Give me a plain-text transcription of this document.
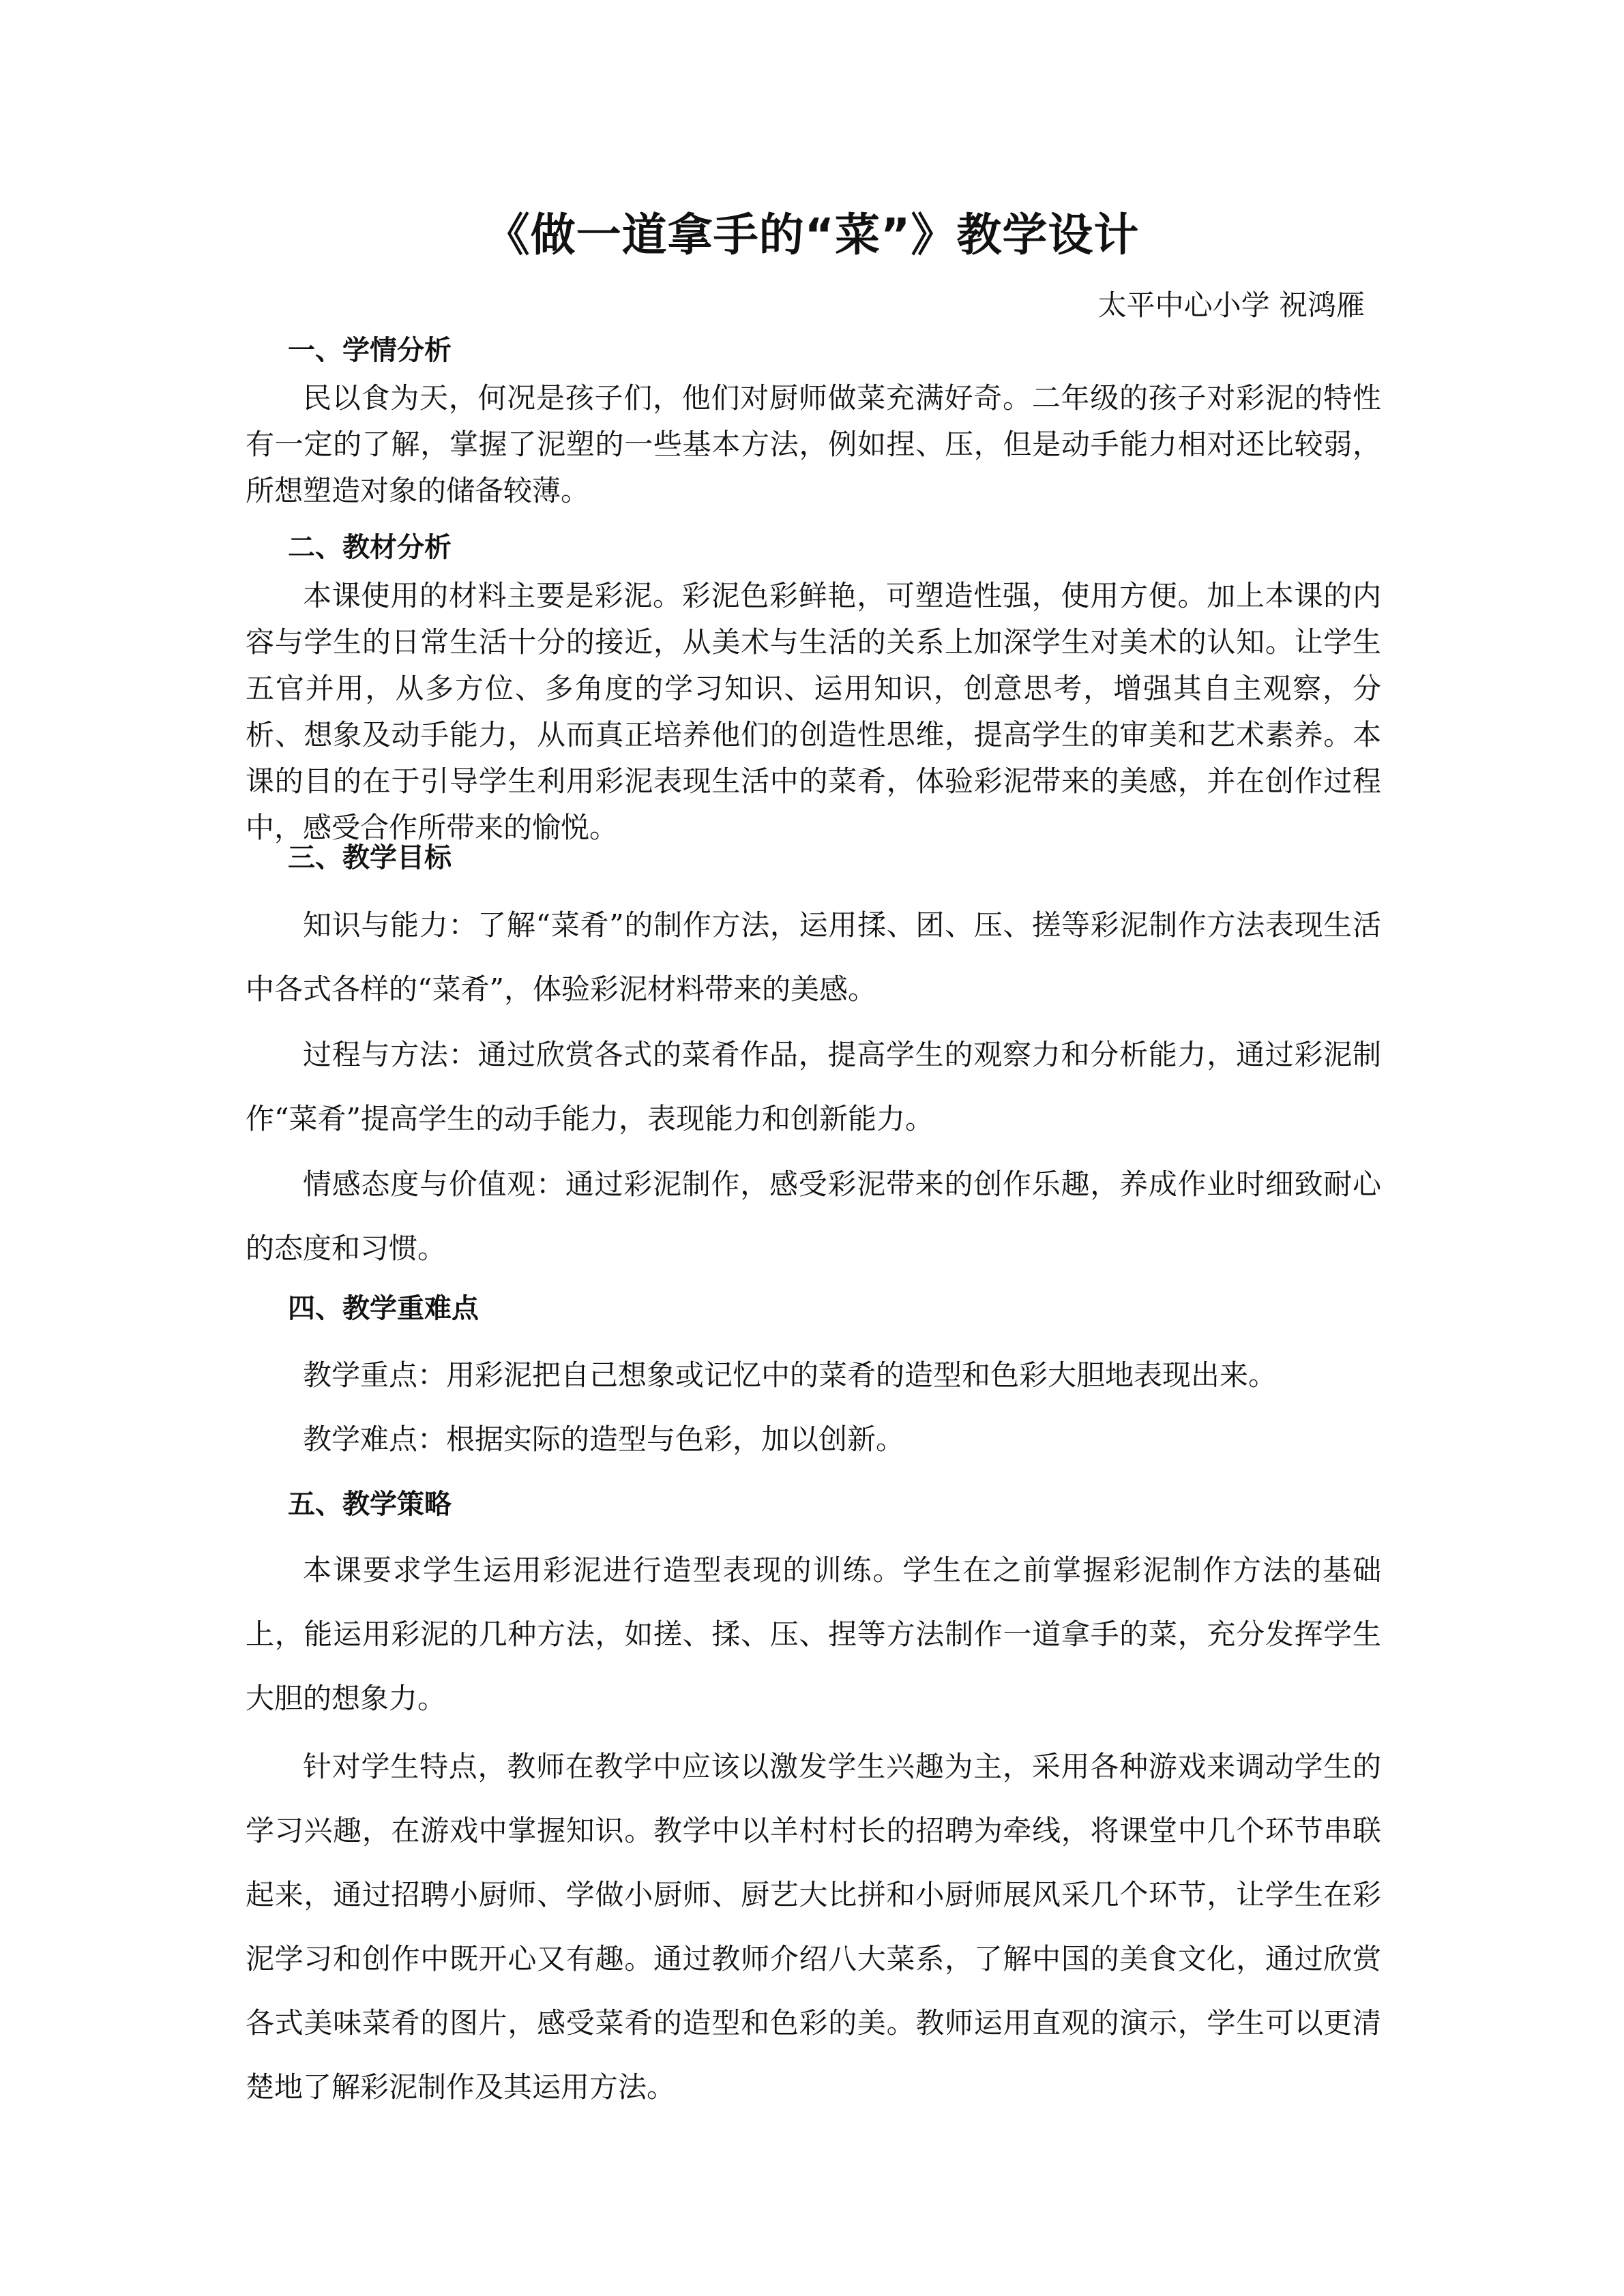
《做一道拿手的“菜”》教学设计
太平中心小学 祝鸿雁
一、学情分析

民以食为天，何况是孩子们，他们对厨师做菜充满好奇。二年级的孩子对彩泥的特性有一定的了解，掌握了泥塑的一些基本方法，例如捏、压，但是动手能力相对还比较弱，所想塑造对象的储备较薄。

二、教材分析

本课使用的材料主要是彩泥。彩泥色彩鲜艳，可塑造性强，使用方便。加上本课的内容与学生的日常生活十分的接近，从美术与生活的关系上加深学生对美术的认知。让学生五官并用，从多方位、多角度的学习知识、运用知识，创意思考，增强其自主观察，分析、想象及动手能力，从而真正培养他们的创造性思维，提高学生的审美和艺术素养。本课的目的在于引导学生利用彩泥表现生活中的菜肴，体验彩泥带来的美感，并在创作过程中，感受合作所带来的愉悦。

三、教学目标

知识与能力：了解“菜肴”的制作方法，运用揉、团、压、搓等彩泥制作方法表现生活中各式各样的“菜肴”，体验彩泥材料带来的美感。

过程与方法：通过欣赏各式的菜肴作品，提高学生的观察力和分析能力，通过彩泥制作“菜肴”提高学生的动手能力，表现能力和创新能力。

情感态度与价值观：通过彩泥制作，感受彩泥带来的创作乐趣，养成作业时细致耐心的态度和习惯。

四、教学重难点

教学重点：用彩泥把自己想象或记忆中的菜肴的造型和色彩大胆地表现出来。

教学难点：根据实际的造型与色彩，加以创新。

五、教学策略

本课要求学生运用彩泥进行造型表现的训练。学生在之前掌握彩泥制作方法的基础上，能运用彩泥的几种方法，如搓、揉、压、捏等方法制作一道拿手的菜，充分发挥学生大胆的想象力。

针对学生特点，教师在教学中应该以激发学生兴趣为主，采用各种游戏来调动学生的学习兴趣，在游戏中掌握知识。教学中以羊村村长的招聘为牵线，将课堂中几个环节串联起来，通过招聘小厨师、学做小厨师、厨艺大比拼和小厨师展风采几个环节，让学生在彩泥学习和创作中既开心又有趣。通过教师介绍八大菜系，了解中国的美食文化，通过欣赏各式美味菜肴的图片，感受菜肴的造型和色彩的美。教师运用直观的演示，学生可以更清楚地了解彩泥制作及其运用方法。
